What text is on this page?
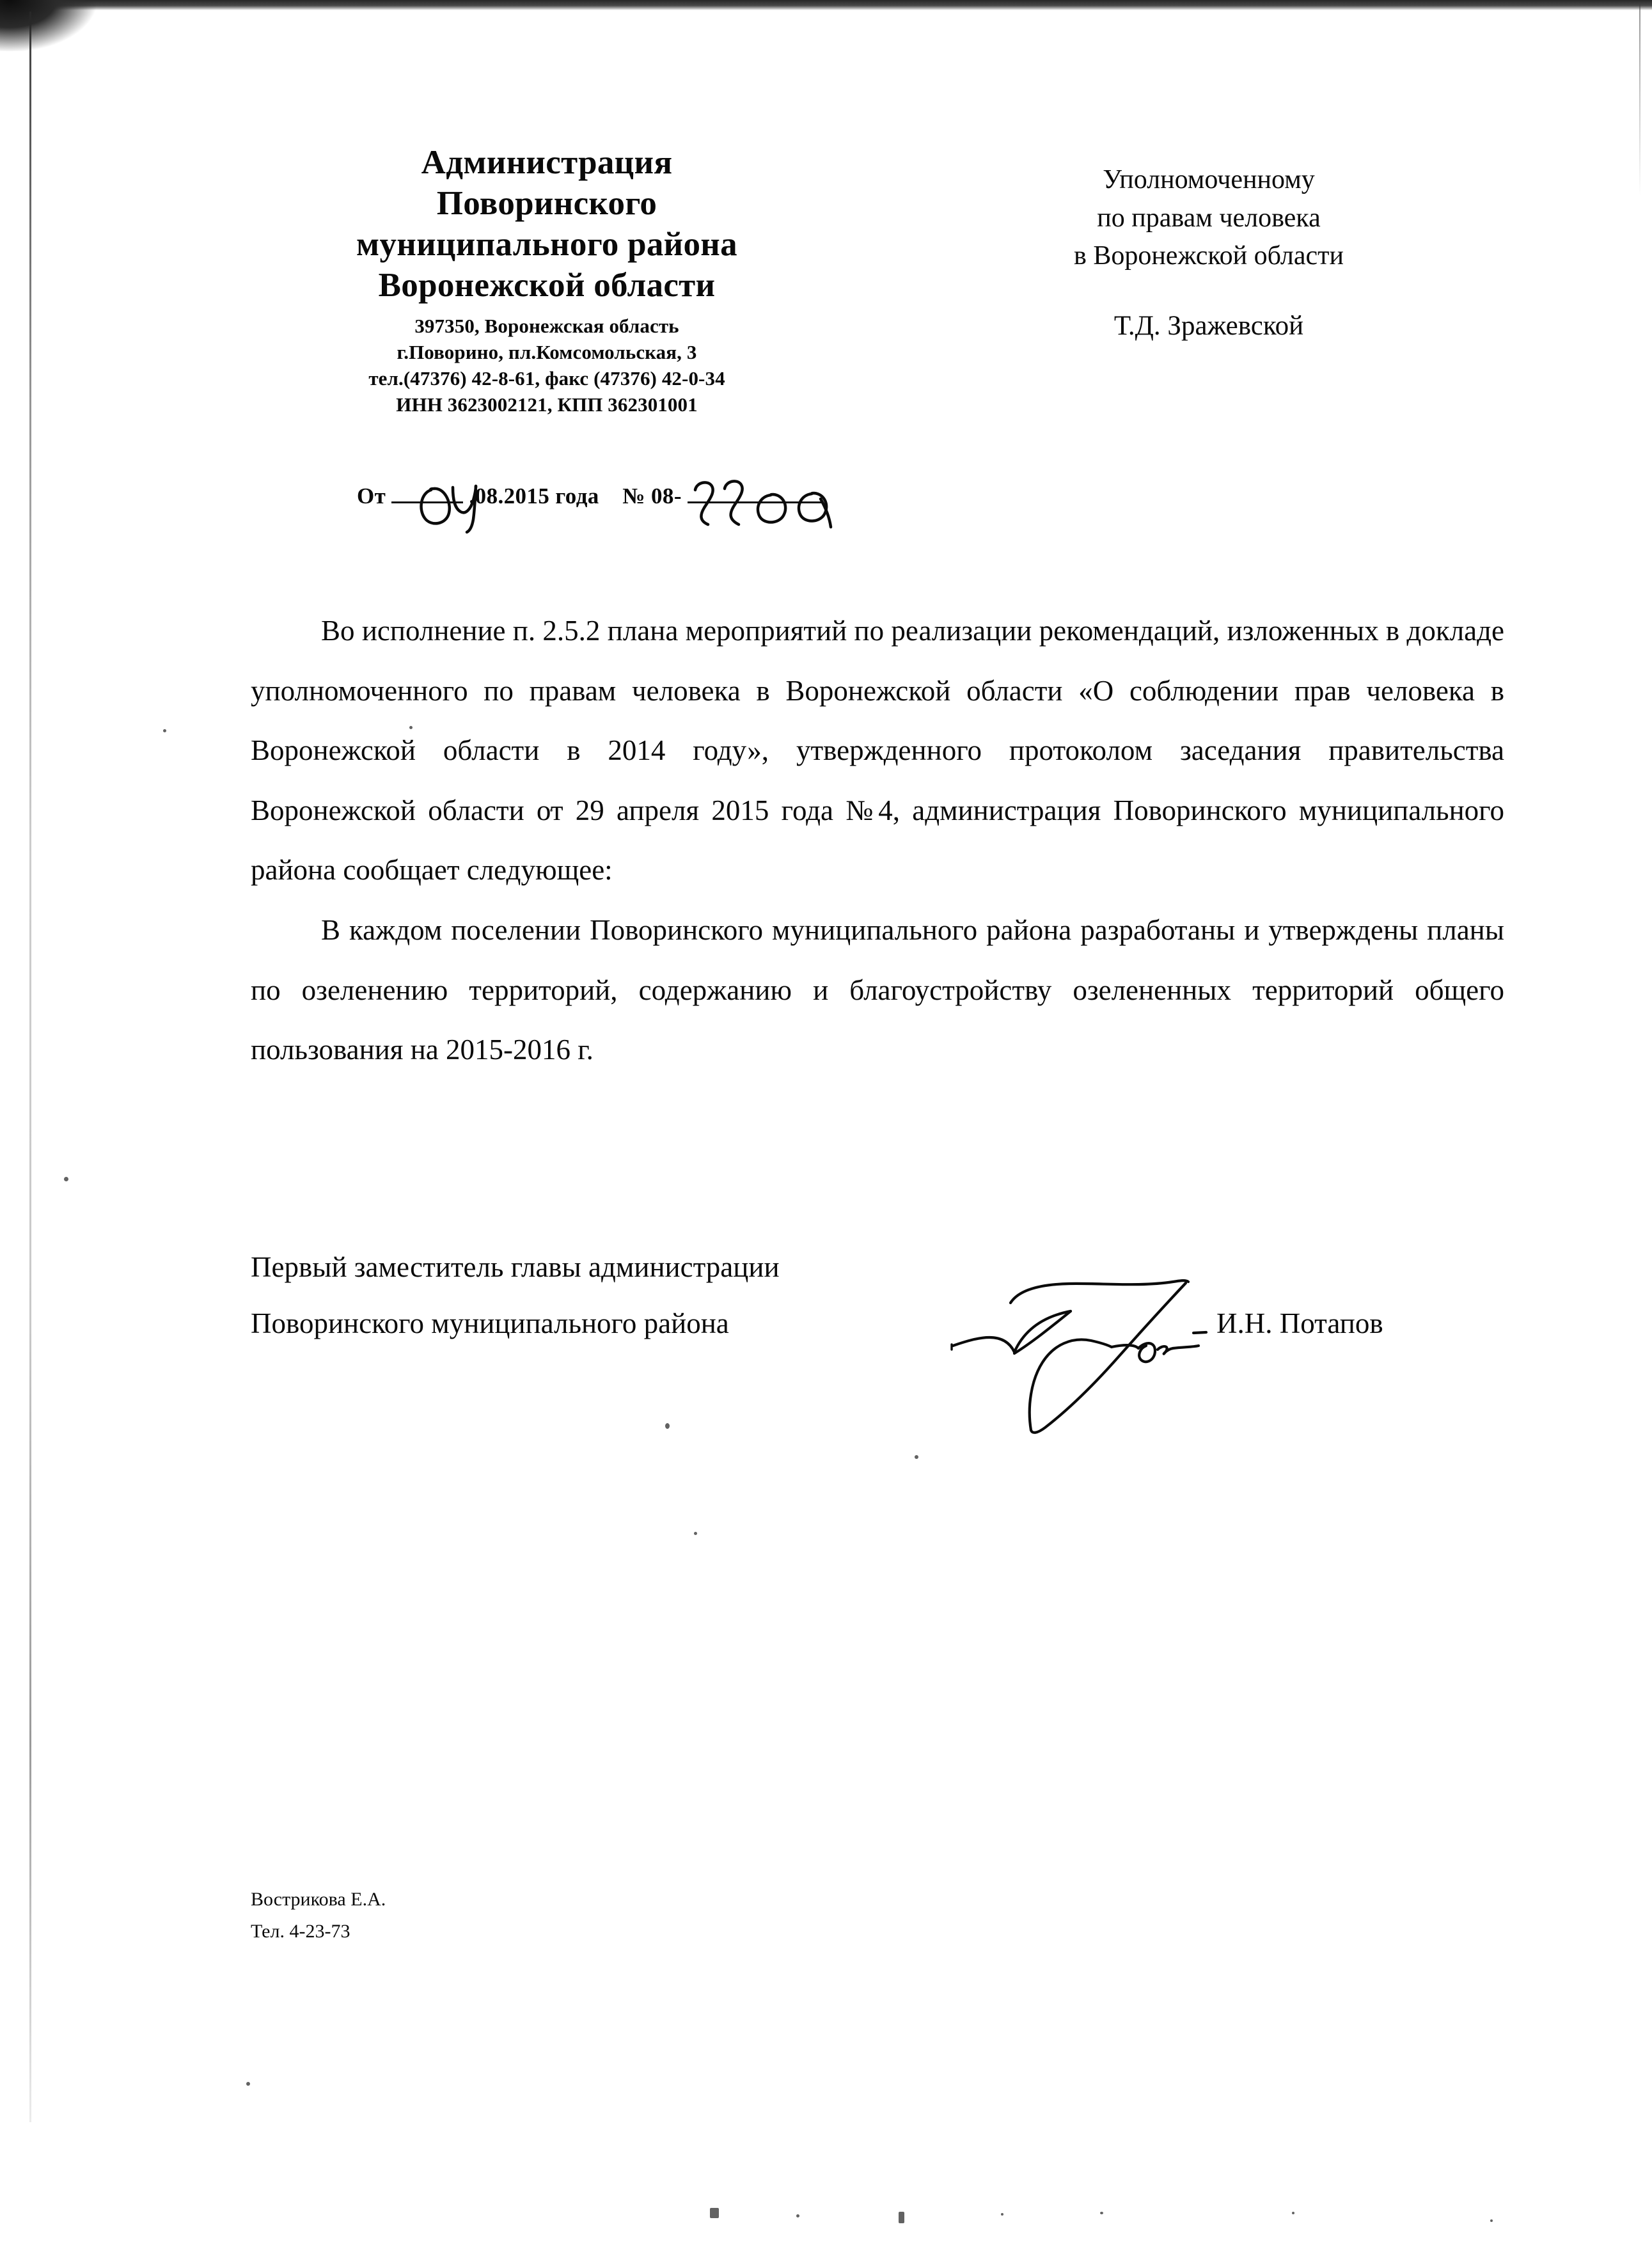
Администрация
Поворинского
муниципального района
Воронежской области
397350, Воронежская область
г.Поворино, пл.Комсомольская, 3
тел.(47376) 42-8-61, факс (47376) 42-0-34
ИНН 3623002121, КПП 362301001
Уполномоченному
по правам человека
в Воронежской области
Т.Д. Зражевской
От	.08.2015 года № 08-

Во исполнение п. 2.5.2 плана мероприятий по реализации рекомендаций, изложенных в докладе уполномоченного по правам человека в Воронежской области «О соблюдении прав человека в Воронежской области в 2014 году», утвержденного протоколом заседания правительства Воронежской области от 29 апреля 2015 года №4, администрация Поворинского муниципального района сообщает следующее:

В каждом поселении Поворинского муниципального района разработаны и утверждены планы по озеленению территорий, содержанию и благоустройству озелененных территорий общего пользования на 2015-2016 г.

Первый заместитель главы администрации
Поворинского муниципального района	И.Н. Потапов
Вострикова Е.А.
Тел. 4-23-73
